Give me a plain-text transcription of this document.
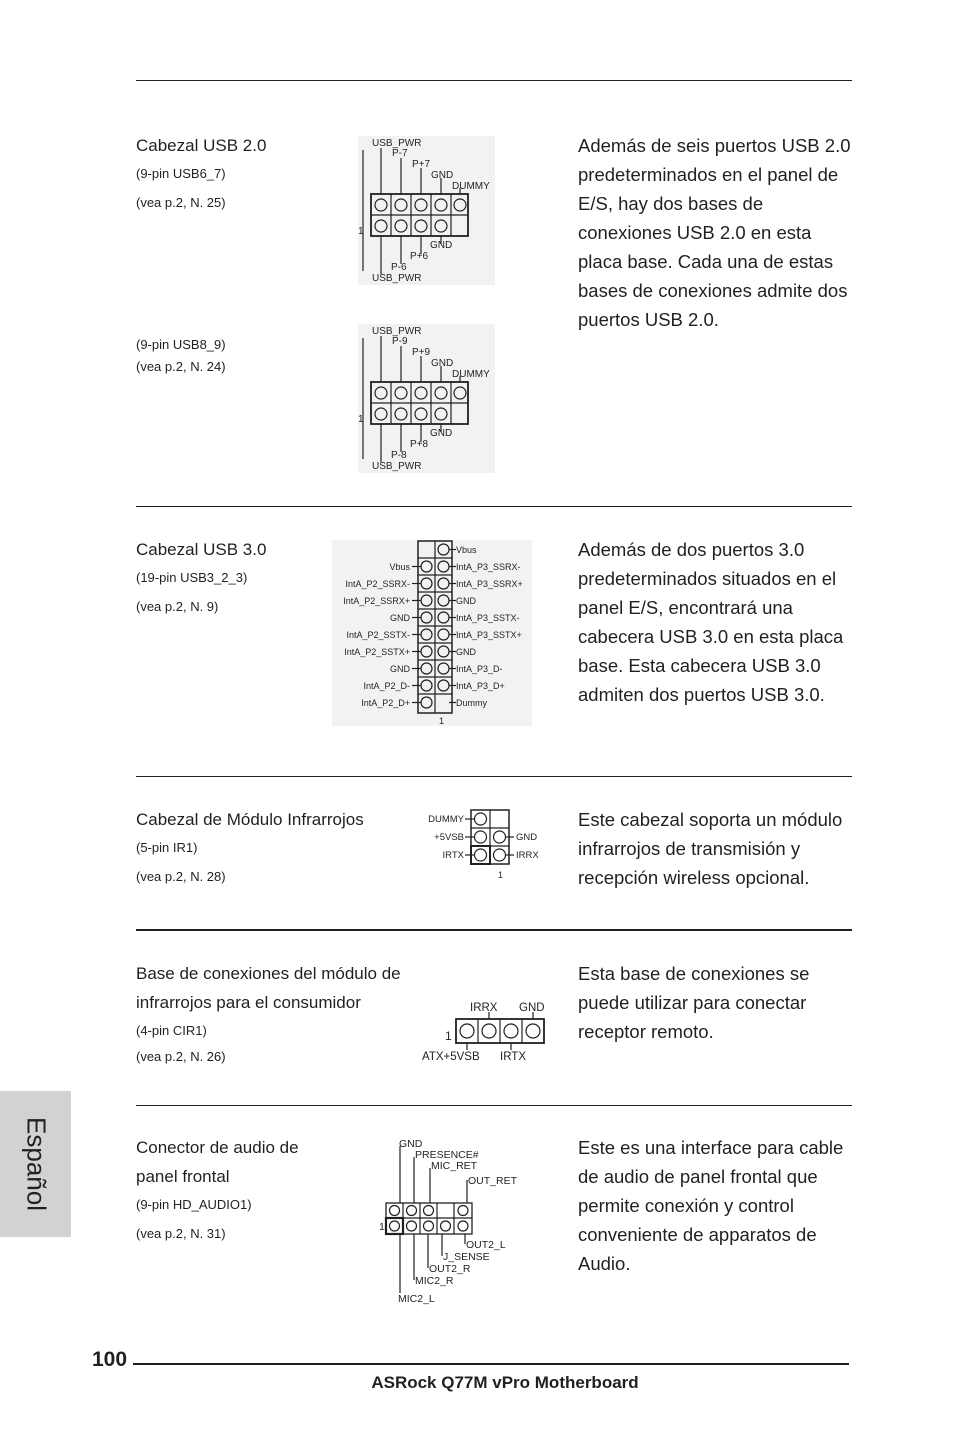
Cabezal USB 2.0
(9-pin USB6_7)
(vea p.2, N. 25)
(9-pin USB8_9)
(vea p.2, N. 24)

Además de seis puertos USB 2.0 predeterminados en el panel de E/S, hay dos bases de conexiones USB 2.0 en esta placa base. Cada una de estas bases de conexiones admite dos puertos USB 2.0.

USB_PWR
P-7
P+7
GND
DUMMY
1
GND
P+6
P-6
USB_PWR
USB_PWR
P-9
P+9
GND
DUMMY
1
GND
P+8
P-8
USB_PWR
Cabezal USB 3.0
(19-pin USB3_2_3)
(vea p.2, N. 9)

Además de dos puertos 3.0 predeterminados situados en el panel E/S, encontrará una cabecera USB 3.0 en esta placa base. Esta cabecera USB 3.0 admiten dos puertos USB 3.0.

Vbus
IntA_P2_SSRX-
IntA_P2_SSRX+
GND
IntA_P2_SSTX-
IntA_P2_SSTX+
GND
IntA_P2_D-
IntA_P2_D+
Vbus
IntA_P3_SSRX-
IntA_P3_SSRX+
GND
IntA_P3_SSTX-
IntA_P3_SSTX+
GND
IntA_P3_D-
IntA_P3_D+
Dummy
1
Cabezal de Módulo Infrarrojos
(5-pin IR1)
(vea p.2, N. 28)

Este cabezal soporta un módulo infrarrojos de transmisión y recepción wireless opcional.

DUMMY
+5VSB
IRTX
GND
IRRX
1
Base de conexiones del módulo de infrarrojos para el consumidor
(4-pin CIR1)
(vea p.2, N. 26)

Esta base de conexiones se puede utilizar para conectar receptor remoto.

IRRX GND
1
ATX+5VSB IRTX
Conector de audio de panel frontal
(9-pin HD_AUDIO1)
(vea p.2, N. 31)

Este es una interface para cable de audio de panel frontal que permite conexión y control conveniente de apparatos de Audio.

GND
PRESENCE#
MIC_RET
OUT_RET
1
OUT2_L
J_SENSE
OUT2_R
MIC2_R
MIC2_L
Español
100
ASRock Q77M vPro Motherboard
